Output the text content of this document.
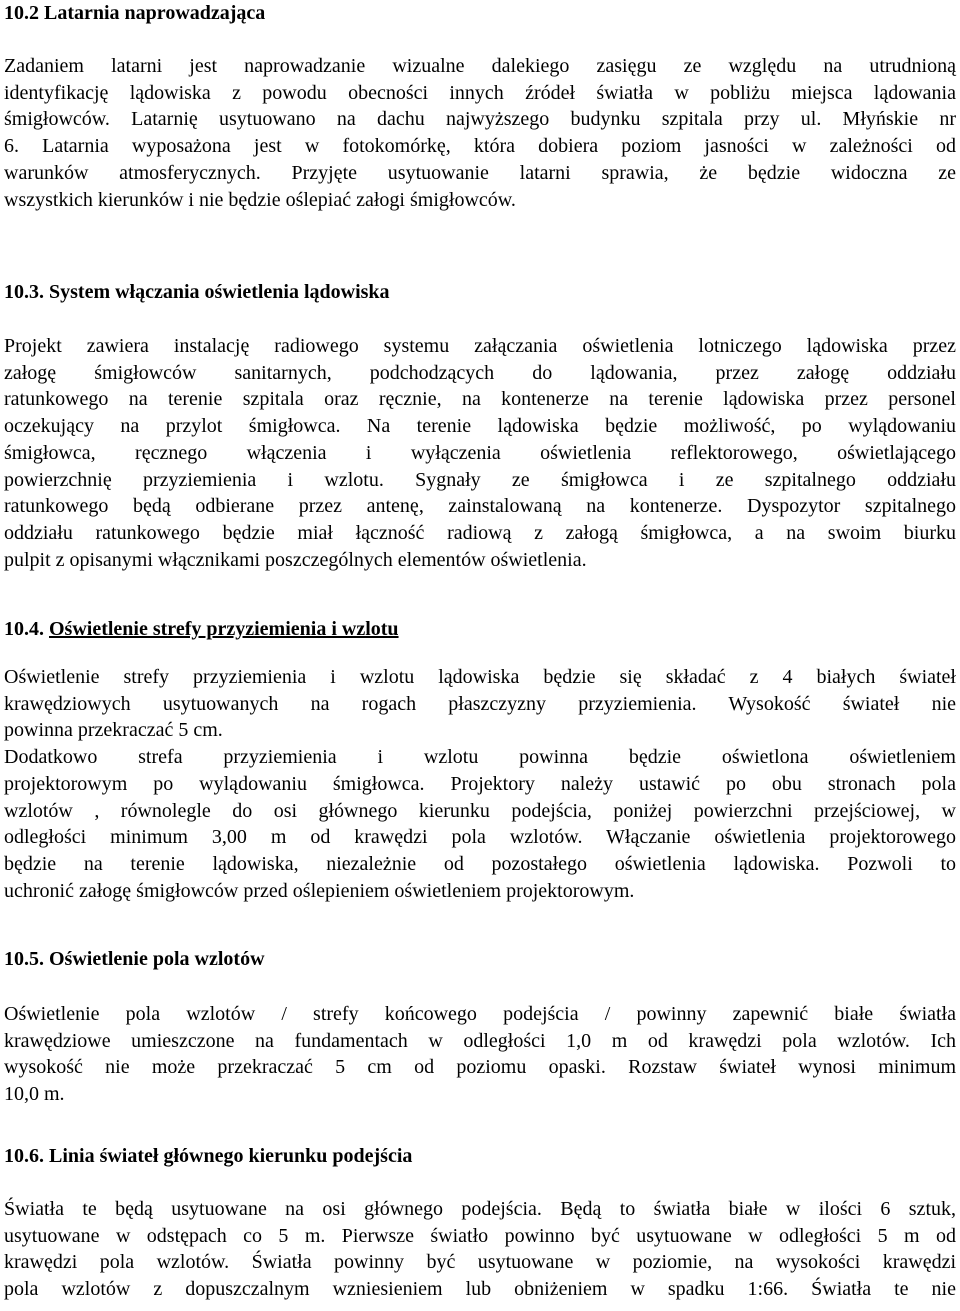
10.2 Latarnia naprowadzająca
Zadaniem latarni jest naprowadzanie wizualne dalekiego zasięgu ze względu na utrudnioną
identyfikację lądowiska z powodu obecności innych źródeł światła w pobliżu miejsca lądowania
śmigłowców. Latarnię usytuowano na dachu najwyższego budynku szpitala przy ul. Młyńskie nr
6. Latarnia wyposażona jest w fotokomórkę, która dobiera poziom jasności w zależności od
warunków atmosferycznych. Przyjęte usytuowanie latarni sprawia, że będzie widoczna ze
wszystkich kierunków i nie będzie oślepiać załogi śmigłowców.
10.3. System włączania oświetlenia lądowiska
Projekt zawiera instalację radiowego systemu załączania oświetlenia lotniczego lądowiska przez
załogę śmigłowców sanitarnych, podchodzących do lądowania, przez załogę oddziału
ratunkowego na terenie szpitala oraz ręcznie, na kontenerze na terenie lądowiska przez personel
oczekujący na przylot śmigłowca. Na terenie lądowiska będzie możliwość, po wylądowaniu
śmigłowca, ręcznego włączenia i wyłączenia oświetlenia reflektorowego, oświetlającego
powierzchnię przyziemienia i wzlotu. Sygnały ze śmigłowca i ze szpitalnego oddziału
ratunkowego będą odbierane przez antenę, zainstalowaną na kontenerze. Dyspozytor szpitalnego
oddziału ratunkowego będzie miał łączność radiową z załogą śmigłowca, a na swoim biurku
pulpit z opisanymi włącznikami poszczególnych elementów oświetlenia.
10.4. Oświetlenie strefy przyziemienia i wzlotu
Oświetlenie strefy przyziemienia i wzlotu lądowiska będzie się składać z 4 białych świateł
krawędziowych usytuowanych na rogach płaszczyzny przyziemienia. Wysokość świateł nie
powinna przekraczać 5 cm.
Dodatkowo strefa przyziemienia i wzlotu powinna będzie oświetlona oświetleniem
projektorowym po wylądowaniu śmigłowca. Projektory należy ustawić po obu stronach pola
wzlotów , równolegle do osi głównego kierunku podejścia, poniżej powierzchni przejściowej, w
odległości minimum 3,00 m od krawędzi pola wzlotów. Włączanie oświetlenia projektorowego
będzie na terenie lądowiska, niezależnie od pozostałego oświetlenia lądowiska. Pozwoli to
uchronić załogę śmigłowców przed oślepieniem oświetleniem projektorowym.
10.5. Oświetlenie pola wzlotów
Oświetlenie pola wzlotów / strefy końcowego podejścia / powinny zapewnić białe światła
krawędziowe umieszczone na fundamentach w odległości 1,0 m od krawędzi pola wzlotów. Ich
wysokość nie może przekraczać 5 cm od poziomu opaski. Rozstaw świateł wynosi minimum
10,0 m.
10.6. Linia świateł głównego kierunku podejścia
Światła te będą usytuowane na osi głównego podejścia. Będą to światła białe w ilości 6 sztuk,
usytuowane w odstępach co 5 m. Pierwsze światło powinno być usytuowane w odległości 5 m od
krawędzi pola wzlotów. Światła powinny być usytuowane w poziomie, na wysokości krawędzi
pola wzlotów z dopuszczalnym wzniesieniem lub obniżeniem w spadku 1:66. Światła te nie
